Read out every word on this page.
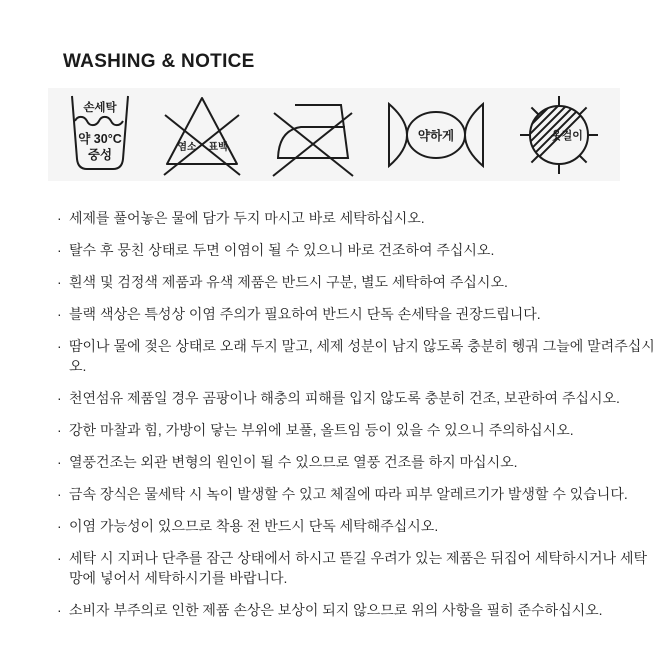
WASHING & NOTICE
손세탁
약 30°C
중성
염소 표백
약하게	옷걸이
· 세제를 풀어놓은 물에 담가 두지 마시고 바로 세탁하십시오.
· 탈수 후 뭉친 상태로 두면 이염이 될 수 있으니 바로 건조하여 주십시오.
· 흰색 및 검정색 제품과 유색 제품은 반드시 구분, 별도 세탁하여 주십시오.
· 블랙 색상은 특성상 이염 주의가 필요하여 반드시 단독 손세탁을 권장드립니다.
· 땀이나 물에 젖은 상태로 오래 두지 말고, 세제 성분이 남지 않도록 충분히 헹궈 그늘에 말려주십시오.
· 천연섬유 제품일 경우 곰팡이나 해충의 피해를 입지 않도록 충분히 건조, 보관하여 주십시오.
· 강한 마찰과 힘, 가방이 닿는 부위에 보풀, 올트임 등이 있을 수 있으니 주의하십시오.
· 열풍건조는 외관 변형의 원인이 될 수 있으므로 열풍 건조를 하지 마십시오.
· 금속 장식은 물세탁 시 녹이 발생할 수 있고 체질에 따라 피부 알레르기가 발생할 수 있습니다.
· 이염 가능성이 있으므로 착용 전 반드시 단독 세탁해주십시오.
· 세탁 시 지퍼나 단추를 잠근 상태에서 하시고 뜯길 우려가 있는 제품은 뒤집어 세탁하시거나 세탁망에 넣어서 세탁하시기를 바랍니다.
· 소비자 부주의로 인한 제품 손상은 보상이 되지 않으므로 위의 사항을 필히 준수하십시오.
